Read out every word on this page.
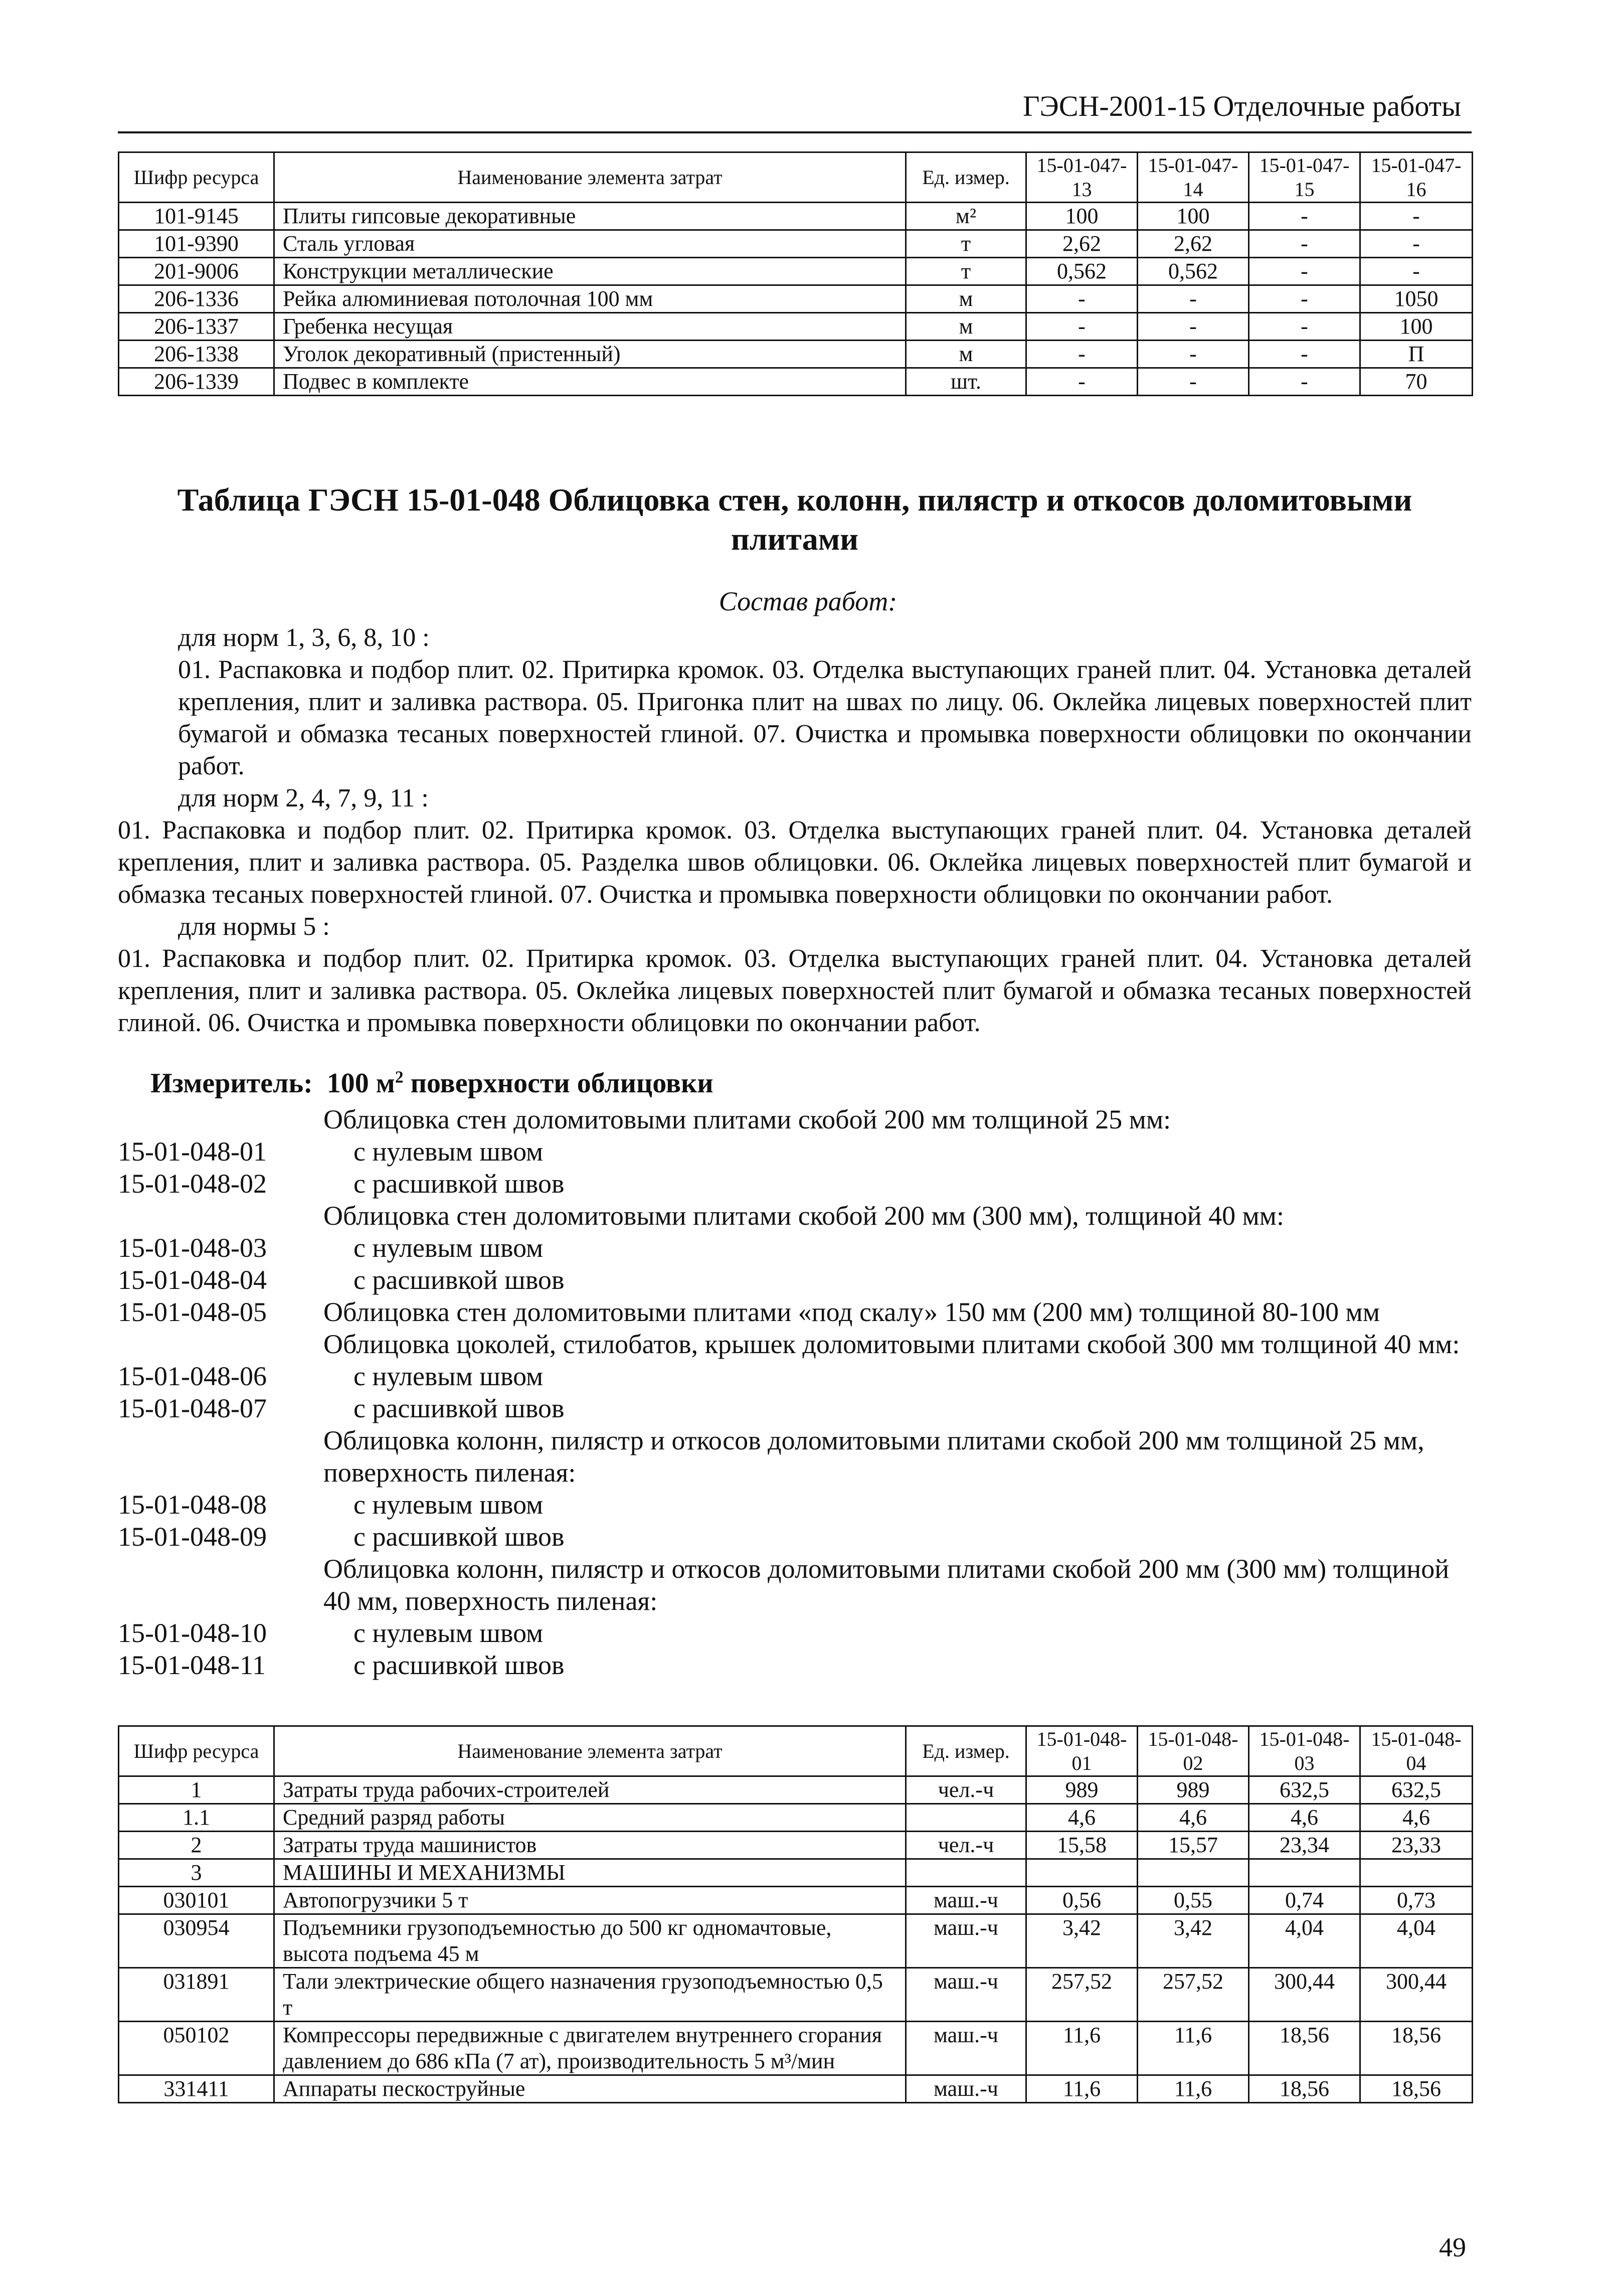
ГЭСН-2001-15 Отделочные работы
Шифр ресурса	Наименование элемента затрат	Ед. измер.	15-01-047-13	15-01-047-14	15-01-047-15	15-01-047-16
101-9145	Плиты гипсовые декоративные	м²	100	100	-	-
101-9390	Сталь угловая	т	2,62	2,62	-	-
201-9006	Конструкции металлические	т	0,562	0,562	-	-
206-1336	Рейка алюминиевая потолочная 100 мм	м	-	-	-	1050
206-1337	Гребенка несущая	м	-	-	-	100
206-1338	Уголок декоративный (пристенный)	м	-	-	-	П
206-1339	Подвес в комплекте	шт.	-	-	-	70
Таблица ГЭСН 15-01-048 Облицовка стен, колонн, пилястр и откосов доломитовыми
плитами
Состав работ:
для норм 1, 3, 6, 8, 10 :
01. Распаковка и подбор плит. 02. Притирка кромок. 03. Отделка выступающих граней плит. 04. Установка деталей крепления, плит и заливка раствора. 05. Пригонка плит на швах по лицу. 06. Оклейка лицевых поверхностей плит бумагой и обмазка тесаных поверхностей глиной. 07. Очистка и промывка поверхности облицовки по окончании работ.
для норм 2, 4, 7, 9, 11 :
01. Распаковка и подбор плит. 02. Притирка кромок. 03. Отделка выступающих граней плит. 04. Установка деталей крепления, плит и заливка раствора. 05. Разделка швов облицовки. 06. Оклейка лицевых поверхностей плит бумагой и обмазка тесаных поверхностей глиной. 07. Очистка и промывка поверхности облицовки по окончании работ.
для нормы 5 :
01. Распаковка и подбор плит. 02. Притирка кромок. 03. Отделка выступающих граней плит. 04. Установка деталей крепления, плит и заливка раствора. 05. Оклейка лицевых поверхностей плит бумагой и обмазка тесаных поверхностей глиной. 06. Очистка и промывка поверхности облицовки по окончании работ.
Измеритель: 100 $м^2$ поверхности облицовки
Облицовка стен доломитовыми плитами скобой 200 мм толщиной 25 мм:
15-01-048-01	с нулевым швом
15-01-048-02	с расшивкой швов
Облицовка стен доломитовыми плитами скобой 200 мм (300 мм), толщиной 40 мм:
15-01-048-03	с нулевым швом
15-01-048-04	с расшивкой швов
15-01-048-05	Облицовка стен доломитовыми плитами «под скалу» 150 мм (200 мм) толщиной 80-100 мм
Облицовка цоколей, стилобатов, крышек доломитовыми плитами скобой 300 мм толщиной 40 мм:
15-01-048-06	с нулевым швом
15-01-048-07	с расшивкой швов
Облицовка колонн, пилястр и откосов доломитовыми плитами скобой 200 мм толщиной 25 мм, поверхность пиленая:
15-01-048-08	с нулевым швом
15-01-048-09	с расшивкой швов
Облицовка колонн, пилястр и откосов доломитовыми плитами скобой 200 мм (300 мм) толщиной 40 мм, поверхность пиленая:
15-01-048-10	с нулевым швом
15-01-048-11	с расшивкой швов
Шифр ресурса	Наименование элемента затрат	Ед. измер.	15-01-048-01	15-01-048-02	15-01-048-03	15-01-048-04
1	Затраты труда рабочих-строителей	чел.-ч	989	989	632,5	632,5
1.1	Средний разряд работы		4,6	4,6	4,6	4,6
2	Затраты труда машинистов	чел.-ч	15,58	15,57	23,34	23,33
3	МАШИНЫ И МЕХАНИЗМЫ					
030101	Автопогрузчики 5 т	маш.-ч	0,56	0,55	0,74	0,73
030954	Подъемники грузоподъемностью до 500 кг одномачтовые, высота подъема 45 м	маш.-ч	3,42	3,42	4,04	4,04
031891	Тали электрические общего назначения грузоподъемностью 0,5 т	маш.-ч	257,52	257,52	300,44	300,44
050102	Компрессоры передвижные с двигателем внутреннего сгорания давлением до 686 кПа (7 ат), производительность 5 м³/мин	маш.-ч	11,6	11,6	18,56	18,56
331411	Аппараты пескоструйные	маш.-ч	11,6	11,6	18,56	18,56
49
